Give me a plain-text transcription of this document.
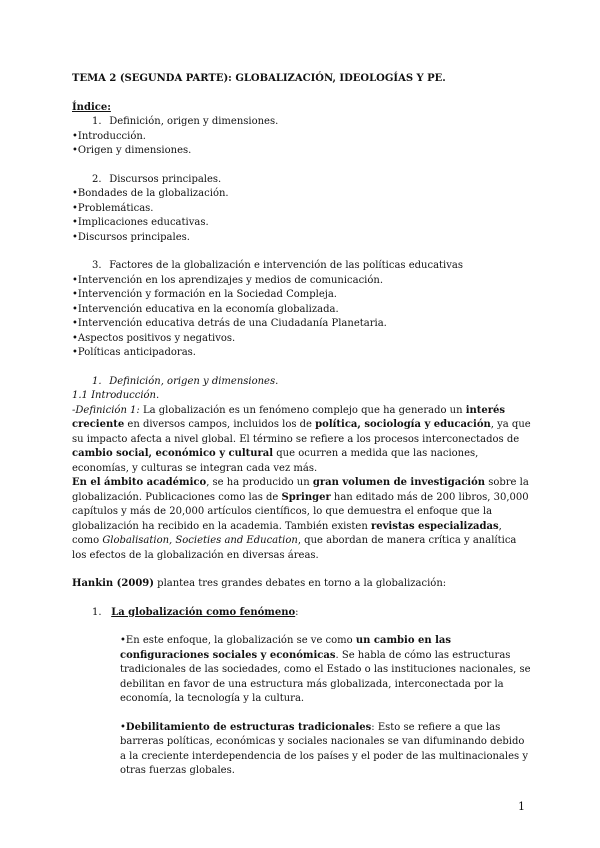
TEMA 2 (SEGUNDA PARTE): GLOBALIZACIÓN, IDEOLOGÍAS Y PE.

Índice:

1. Definición, origen y dimensiones.

•Introducción.

•Origen y dimensiones.

2. Discursos principales.

•Bondades de la globalización.

•Problemáticas.

•Implicaciones educativas.

•Discursos principales.

3. Factores de la globalización e intervención de las políticas educativas

•Intervención en los aprendizajes y medios de comunicación.

•Intervención y formación en la Sociedad Compleja.

•Intervención educativa en la economía globalizada.

•Intervención educativa detrás de una Ciudadanía Planetaria.

•Aspectos positivos y negativos.

•Políticas anticipadoras.

1. Definición, origen y dimensiones.

1.1 Introducción.

-Definición 1: La globalización es un fenómeno complejo que ha generado un interés creciente en diversos campos, incluidos los de política, sociología y educación, ya que su impacto afecta a nivel global. El término se refiere a los procesos interconectados de cambio social, económico y cultural que ocurren a medida que las naciones, economías, y culturas se integran cada vez más.

En el ámbito académico, se ha producido un gran volumen de investigación sobre la globalización. Publicaciones como las de Springer han editado más de 200 libros, 30,000 capítulos y más de 20,000 artículos científicos, lo que demuestra el enfoque que la globalización ha recibido en la academia. También existen revistas especializadas, como Globalisation, Societies and Education, que abordan de manera crítica y analítica los efectos de la globalización en diversas áreas.

Hankin (2009) plantea tres grandes debates en torno a la globalización:

1. La globalización como fenómeno:

•En este enfoque, la globalización se ve como un cambio en las configuraciones sociales y económicas. Se habla de cómo las estructuras tradicionales de las sociedades, como el Estado o las instituciones nacionales, se debilitan en favor de una estructura más globalizada, interconectada por la economía, la tecnología y la cultura.

•Debilitamiento de estructuras tradicionales: Esto se refiere a que las barreras políticas, económicas y sociales nacionales se van difuminando debido a la creciente interdependencia de los países y el poder de las multinacionales y otras fuerzas globales.

1
